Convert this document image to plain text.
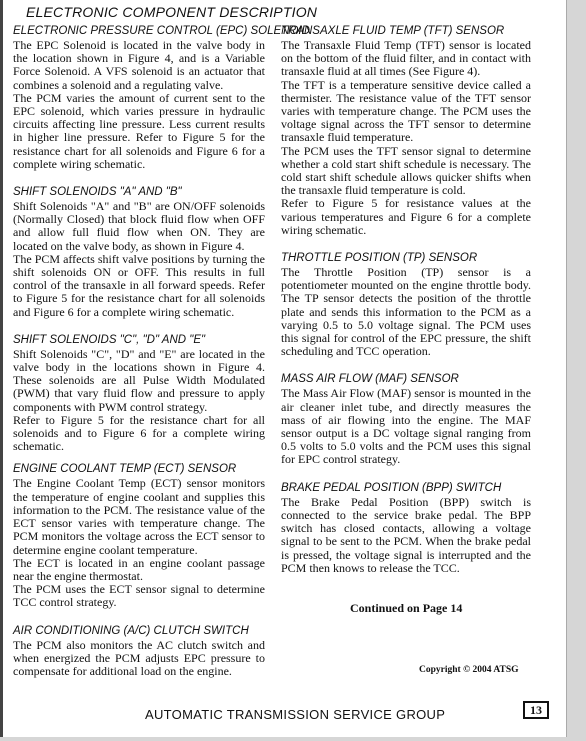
ELECTRONIC COMPONENT DESCRIPTION
ELECTRONIC PRESSURE CONTROL (EPC) SOLENOID

The EPC Solenoid is located in the valve body in the location shown in Figure 4, and is a Variable Force Solenoid. A VFS solenoid is an actuator that combines a solenoid and a regulating valve.

The PCM varies the amount of current sent to the EPC solenoid, which varies pressure in hydraulic circuits affecting line pressure. Less current results in higher line pressure. Refer to Figure 5 for the resistance chart for all solenoids and Figure 6 for a complete wiring schematic.

SHIFT SOLENOIDS "A" AND "B"

Shift Solenoids "A" and "B" are ON/OFF solenoids (Normally Closed) that block fluid flow when OFF and allow full fluid flow when ON. They are located on the valve body, as shown in Figure 4.

The PCM affects shift valve positions by turning the shift solenoids ON or OFF. This results in full control of the transaxle in all forward speeds. Refer to Figure 5 for the resistance chart for all solenoids and Figure 6 for a complete wiring schematic.

SHIFT SOLENOIDS "C", "D" AND "E"

Shift Solenoids "C", "D" and "E" are located in the valve body in the locations shown in Figure 4. These solenoids are all Pulse Width Modulated (PWM) that vary fluid flow and pressure to apply components with PWM control strategy.

Refer to Figure 5 for the resistance chart for all solenoids and to Figure 6 for a complete wiring schematic.

ENGINE COOLANT TEMP (ECT) SENSOR

The Engine Coolant Temp (ECT) sensor monitors the temperature of engine coolant and supplies this information to the PCM. The resistance value of the ECT sensor varies with temperature change. The PCM monitors the voltage across the ECT sensor to determine engine coolant temperature.

The ECT is located in an engine coolant passage near the engine thermostat.

The PCM uses the ECT sensor signal to determine TCC control strategy.

AIR CONDITIONING (A/C) CLUTCH SWITCH

The PCM also monitors the AC clutch switch and when energized the PCM adjusts EPC pressure to compensate for additional load on the engine.

TRANSAXLE FLUID TEMP (TFT) SENSOR

The Transaxle Fluid Temp (TFT) sensor is located on the bottom of the fluid filter, and in contact with transaxle fluid at all times (See Figure 4).

The TFT is a temperature sensitive device called a thermister. The resistance value of the TFT sensor varies with temperature change. The PCM uses the voltage signal across the TFT sensor to determine transaxle fluid temperature.

The PCM uses the TFT sensor signal to determine whether a cold start shift schedule is necessary. The cold start shift schedule allows quicker shifts when the transaxle fluid temperature is cold.

Refer to Figure 5 for resistance values at the various temperatures and Figure 6 for a complete wiring schematic.

THROTTLE POSITION (TP) SENSOR

The Throttle Position (TP) sensor is a potentiometer mounted on the engine throttle body. The TP sensor detects the position of the throttle plate and sends this information to the PCM as a varying 0.5 to 5.0 voltage signal. The PCM uses this signal for control of the EPC pressure, the shift scheduling and TCC operation.

MASS AIR FLOW (MAF) SENSOR

The Mass Air Flow (MAF) sensor is mounted in the air cleaner inlet tube, and directly measures the mass of air flowing into the engine. The MAF sensor output is a DC voltage signal ranging from 0.5 volts to 5.0 volts and the PCM uses this signal for EPC control strategy.

BRAKE PEDAL POSITION (BPP) SWITCH

The Brake Pedal Position (BPP) switch is connected to the service brake pedal. The BPP switch has closed contacts, allowing a voltage signal to be sent to the PCM. When the brake pedal is pressed, the voltage signal is interrupted and the PCM then knows to release the TCC.

Continued on Page 14
Copyright © 2004 ATSG
AUTOMATIC TRANSMISSION SERVICE GROUP	13
